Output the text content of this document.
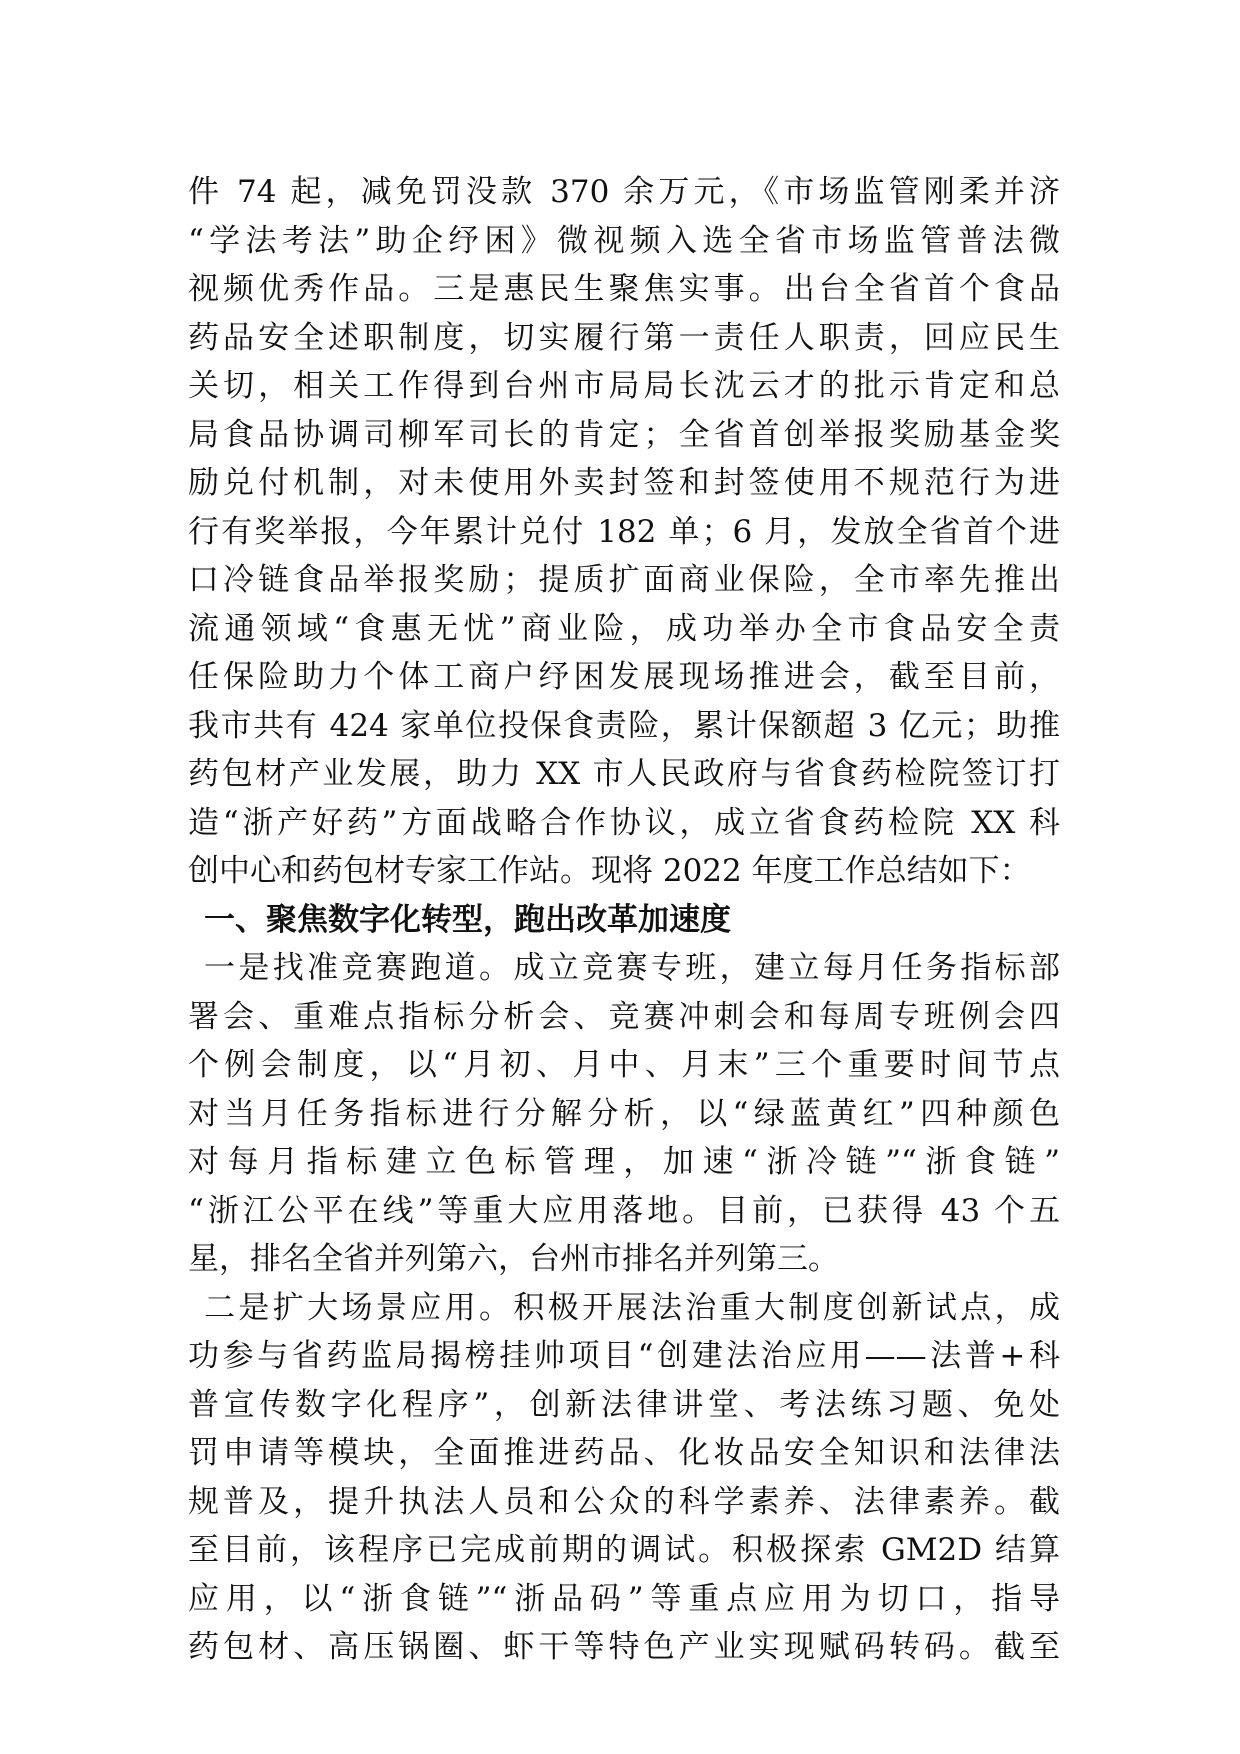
件 74 起，减免罚没款 370 余万元，《市场监管刚柔并济
“学法考法”助企纾困》微视频入选全省市场监管普法微
视频优秀作品。三是惠民生聚焦实事。出台全省首个食品
药品安全述职制度，切实履行第一责任人职责，回应民生
关切，相关工作得到台州市局局长沈云才的批示肯定和总
局食品协调司柳军司长的肯定；全省首创举报奖励基金奖
励兑付机制，对未使用外卖封签和封签使用不规范行为进
行有奖举报，今年累计兑付 182 单；6 月，发放全省首个进
口冷链食品举报奖励；提质扩面商业保险，全市率先推出
流通领域“食惠无忧”商业险，成功举办全市食品安全责
任保险助力个体工商户纾困发展现场推进会，截至目前，
我市共有 424 家单位投保食责险，累计保额超 3 亿元；助推
药包材产业发展，助力 XX 市人民政府与省食药检院签订打
造“浙产好药”方面战略合作协议，成立省食药检院 XX 科
创中心和药包材专家工作站。现将 2022 年度工作总结如下：
一、聚焦数字化转型，跑出改革加速度
一是找准竞赛跑道。成立竞赛专班，建立每月任务指标部
署会、重难点指标分析会、竞赛冲刺会和每周专班例会四
个例会制度，以“月初、月中、月末”三个重要时间节点
对当月任务指标进行分解分析，以“绿蓝黄红”四种颜色
对每月指标建立色标管理，加速“浙冷链”“浙食链”
“浙江公平在线”等重大应用落地。目前，已获得 43 个五
星，排名全省并列第六，台州市排名并列第三。
二是扩大场景应用。积极开展法治重大制度创新试点，成
功参与省药监局揭榜挂帅项目“创建法治应用——法普+科
普宣传数字化程序”，创新法律讲堂、考法练习题、免处
罚申请等模块，全面推进药品、化妆品安全知识和法律法
规普及，提升执法人员和公众的科学素养、法律素养。截
至目前，该程序已完成前期的调试。积极探索 GM2D 结算
应用，以“浙食链”“浙品码”等重点应用为切口，指导
药包材、高压锅圈、虾干等特色产业实现赋码转码。截至
